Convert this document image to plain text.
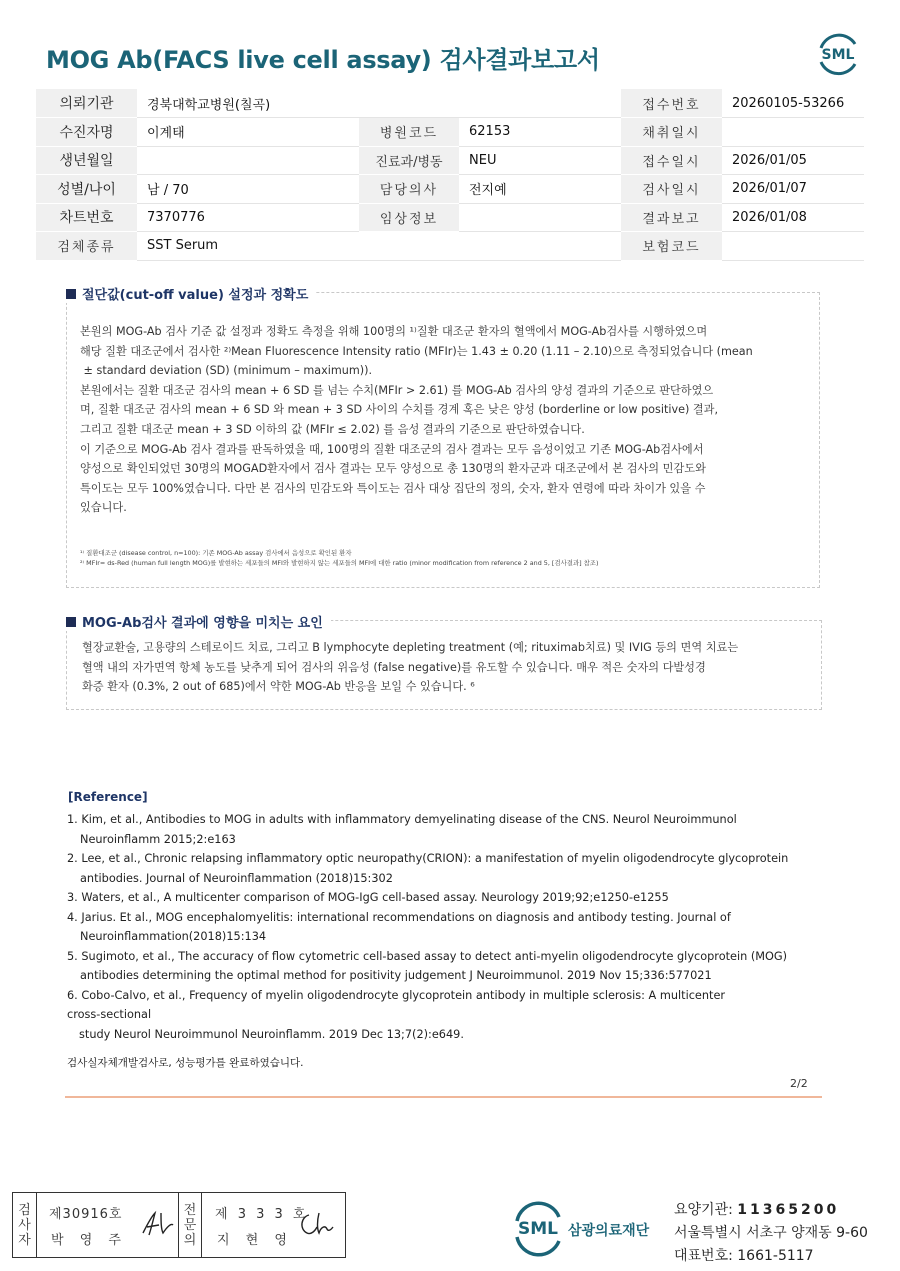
MOG Ab(FACS live cell assay) 검사결과보고서	SML
의뢰기관	경북대학교병원(칠곡)			접수번호	20260105-53266
수진자명	이계태	병원코드	62153	채취일시	
생년월일		진료과/병동	NEU	접수일시	2026/01/05
성별/나이	남 / 70	담당의사	전지예	검사일시	2026/01/07
차트번호	7370776	임상정보		결과보고	2026/01/08
검체종류	SST Serum			보험코드	
절단값(cut-off value) 설정과 정확도
본원의 MOG-Ab 검사 기준 값 설정과 정확도 측정을 위해 100명의 ¹⁾질환 대조군 환자의 혈액에서 MOG-Ab검사를 시행하였으며
해당 질환 대조군에서 검사한 ²⁾Mean Fluorescence Intensity ratio (MFIr)는 1.43 ± 0.20 (1.11 – 2.10)으로 측정되었습니다 (mean
± standard deviation (SD) (minimum – maximum)).
본원에서는 질환 대조군 검사의 mean + 6 SD 를 넘는 수치(MFIr > 2.61) 를 MOG-Ab 검사의 양성 결과의 기준으로 판단하였으
며, 질환 대조군 검사의 mean + 6 SD 와 mean + 3 SD 사이의 수치를 경계 혹은 낮은 양성 (borderline or low positive) 결과,
그리고 질환 대조군 mean + 3 SD 이하의 값 (MFIr ≤ 2.02) 를 음성 결과의 기준으로 판단하였습니다.
이 기준으로 MOG-Ab 검사 결과를 판독하였을 때, 100명의 질환 대조군의 검사 결과는 모두 음성이었고 기존 MOG-Ab검사에서
양성으로 확인되었던 30명의 MOGAD환자에서 검사 결과는 모두 양성으로 총 130명의 환자군과 대조군에서 본 검사의 민감도와
특이도는 모두 100%였습니다. 다만 본 검사의 민감도와 특이도는 검사 대상 집단의 정의, 숫자, 환자 연령에 따라 차이가 있을 수
있습니다.
¹⁾ 질환대조군 (disease control, n=100): 기존 MOG-Ab assay 검사에서 음성으로 확인된 환자
²⁾ MFIr= ds-Red (human full length MOG)를 발현하는 세포들의 MFI와 발현하지 않는 세포들의 MFI에 대한 ratio (minor modification from reference 2 and 5, [검사결과] 참조)
MOG-Ab검사 결과에 영향을 미치는 요인
혈장교환술, 고용량의 스테로이드 치료, 그리고 B lymphocyte depleting treatment (예; rituximab치료) 및 IVIG 등의 면역 치료는
혈액 내의 자가면역 항체 농도를 낮추게 되어 검사의 위음성 (false negative)를 유도할 수 있습니다. 매우 적은 숫자의 다발성경
화증 환자 (0.3%, 2 out of 685)에서 약한 MOG-Ab 반응을 보일 수 있습니다. ⁶
[Reference]
1. Kim, et al., Antibodies to MOG in adults with inflammatory demyelinating disease of the CNS. Neurol Neuroimmunol
Neuroinflamm 2015;2:e163
2. Lee, et al., Chronic relapsing inflammatory optic neuropathy(CRION): a manifestation of myelin oligodendrocyte glycoprotein
antibodies. Journal of Neuroinflammation (2018)15:302
3. Waters, et al., A multicenter comparison of MOG-IgG cell-based assay. Neurology 2019;92;e1250-e1255
4. Jarius. Et al., MOG encephalomyelitis: international recommendations on diagnosis and antibody testing. Journal of
Neuroinflammation(2018)15:134
5. Sugimoto, et al., The accuracy of flow cytometric cell-based assay to detect anti-myelin oligodendrocyte glycoprotein (MOG)
antibodies determining the optimal method for positivity judgement J Neuroimmunol. 2019 Nov 15;336:577021
6. Cobo-Calvo, et al., Frequency of myelin oligodendrocyte glycoprotein antibody in multiple sclerosis: A multicenter
cross-sectional
study Neurol Neuroimmunol Neuroinflamm. 2019 Dec 13;7(2):e649.
검사실자체개발검사로, 성능평가를 완료하였습니다.
2/2
검
사
자
제30916호
박 영 주
전
문
의
제 3 3 3 호
지 현 영
SML 삼광의료재단
요양기관: 11365200
서울특별시 서초구 양재동 9-60
대표번호: 1661-5117
